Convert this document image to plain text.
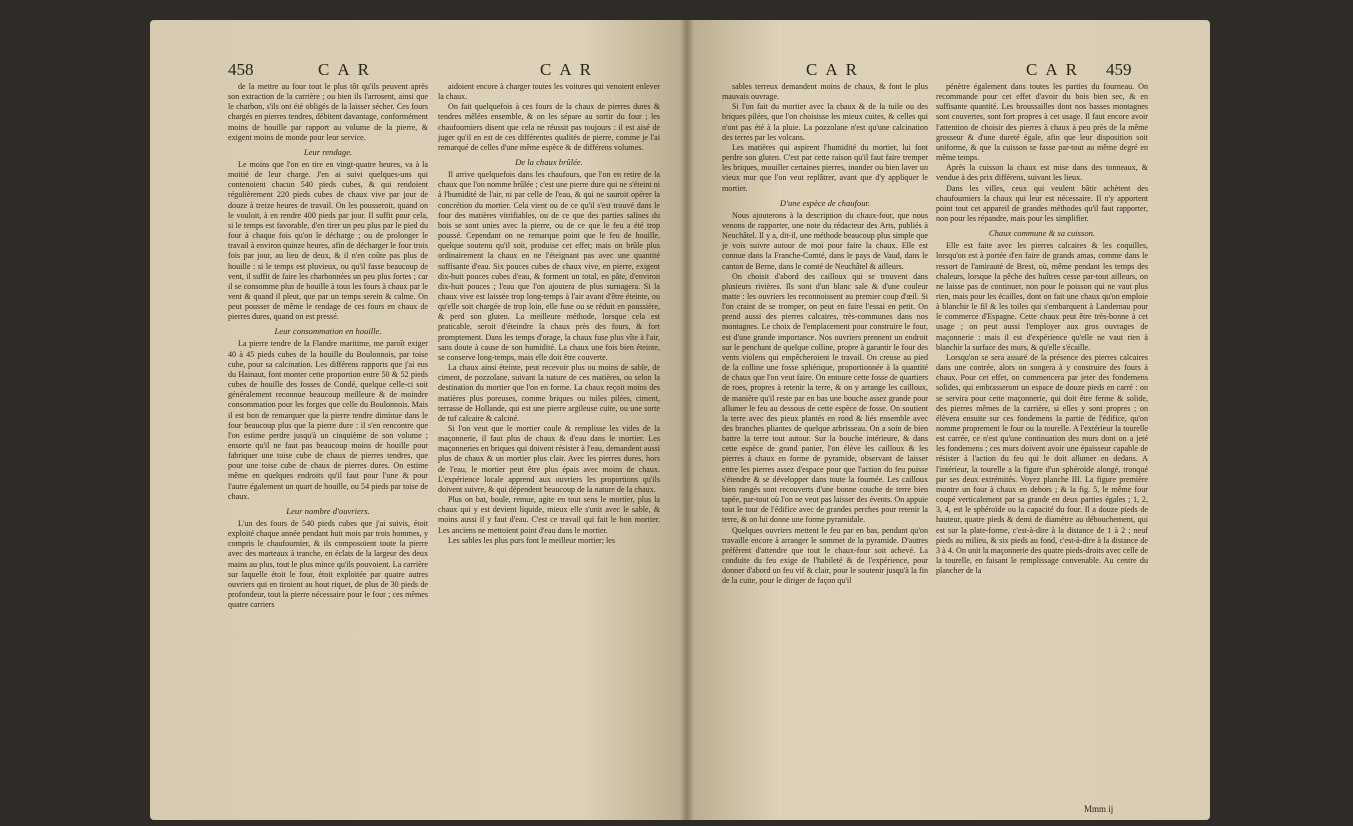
458	CAR	CAR

de la mettre au four tout le plus tôt qu'ils peuvent après son extraction de la carrière ; ou bien ils l'arrosent, ainsi que le charbon, s'ils ont été obligés de la laisser sécher. Ces fours chargés en pierres tendres, débitent davantage, conformément moins de houille par rapport au volume de la pierre, & exigent moins de monde pour leur service.

Leur rendage.

Le moins que l'on en tire en vingt-quatre heures, va à la moitié de leur charge. J'en ai suivi quelques-uns qui contenoient chacun 540 pieds cubes, & qui rendoient régulièrement 220 pieds cubes de chaux vive par jour de douze à treize heures de travail. On les pousseroit, quand on le vouloit, à en rendre 400 pieds par jour. Il suffit pour cela, si le temps est favorable, d'en tirer un peu plus par le pied du four à chaque fois qu'on le décharge ; ou de prolonger le travail à environ quinze heures, afin de décharger le four trois fois par jour, au lieu de deux, & il n'en coûte pas plus de houille : si le temps est pluvieux, ou qu'il fasse beaucoup de vent, il suffit de faire les charbonnées un peu plus fortes ; car il se consomme plus de houille à tous les fours à chaux par le vent & quand il pleut, que par un temps serein & calme. On peut pousser de même le rendage de ces fours en chaux de pierres dures, quand on est pressé.

Leur consommation en houille.

La pierre tendre de la Flandre maritime, me paroît exiger 40 à 45 pieds cubes de la houille du Boulonnois, par toise cube, pour sa calcination. Les différens rapports que j'ai eus du Hainaut, font monter cette proportion entre 50 & 52 pieds cubes de houille des fosses de Condé, quelque celle-ci soit généralement reconnue beaucoup meilleure & de moindre consommation pour les forges que celle du Boulonnois. Mais il est bon de remarquer que la pierre tendre diminue dans le four beaucoup plus que la pierre dure : il s'en rencontre que l'on estime perdre jusqu'à un cinquième de son volume ; ensorte qu'il ne faut pas beaucoup moins de houille pour fabriquer une toise cube de chaux de pierres tendres, que pour une toise cube de chaux de pierres dures. On estime même en quelques endroits qu'il faut pour l'une & pour l'autre également un quart de houille, ou 54 pieds par toise de chaux.

Leur nombre d'ouvriers.

L'un des fours de 540 pieds cubes que j'ai suivis, étoit exploité chaque année pendant huit mois par trois hommes, y compris le chaufournier, & ils composoient toute la pierre avec des marteaux à tranche, en éclats de la largeur des deux mains au plus, tout le plus mince qu'ils pouvoient. La carrière sur laquelle étoit le four, étoit exploitée par quatre autres ouvriers qui en tiroient au hout riquet, de plus de 30 pieds de profondeur, tout la pierre nécessaire pour le four ; ces mêmes quatre carriers

aidoient encore à charger toutes les voitures qui venoient enlever la chaux.

On fait quelquefois à ces fours de la chaux de pierres dures & tendres mêlées ensemble, & on les sépare au sortir du four ; les chaufourniers disent que cela ne réussit pas toujours : il est aisé de juger qu'il en est de ces différentes qualités de pierre, comme je l'ai remarqué de celles d'une même espèce & de différens volumes.

De la chaux brûlée.

Il arrive quelquefois dans les chaufours, que l'on en retire de la chaux que l'on nomme brûlée ; c'est une pierre dure qui ne s'éteint ni à l'humidité de l'air, ni par celle de l'eau, & qui ne sauroit opérer la concrétion du mortier. Cela vient ou de ce qu'il s'est trouvé dans le four des matières vitrifiables, ou de ce que des parties salines du bois se sont unies avec la pierre, ou de ce que le feu a été trop poussé. Cependant on ne remarque point que le feu de houille, quelque soutenu qu'il soit, produise cet effet; mais on brûle plus ordinairement la chaux en ne l'éteignant pas avec une quantité suffisante d'eau. Six pouces cubes de chaux vive, en pierre, exigent dix-huit pouces cubes d'eau, & forment un total, en pâte, d'environ dix-huit pouces ; l'eau que l'on ajoutera de plus surnagera. Si la chaux vive est laissée trop long-temps à l'air avant d'être éteinte, ou qu'elle soit chargée de trop loin, elle fuse ou se réduit en poussière, & perd son gluten. La meilleure méthode, lorsque cela est praticable, seroit d'éteindre la chaux près des fours, & fort promptement. Dans les temps d'orage, la chaux fuse plus vîte à l'air, sans doute à cause de son humidité. La chaux une fois bien éteinte, se conserve long-temps, mais elle doit être couverte.

La chaux ainsi éteinte, peut recevoir plus ou moins de sable, de ciment, de pozzolane, suivant la nature de ces matières, ou selon la destination du mortier que l'on en forme. La chaux reçoit moins des matières plus poreuses, comme briques ou tuiles pilées, ciment, terrasse de Hollande, qui est une pierre argileuse cuite, ou une sorte de tuf calcaire & calciné.

Si l'on veut que le mortier coule & remplisse les vides de la maçonnerie, il faut plus de chaux & d'eau dans le mortier. Les maçonneries en briques qui doivent résister à l'eau, demandent aussi plus de chaux & un mortier plus clair. Avec les pierres dures, hors de l'eau, le mortier peut être plus épais avec moins de chaux. L'expérience locale apprend aux ouvriers les proportions qu'ils doivent suivre, & qui dépendent beaucoup de la nature de la chaux.

Plus on bat, boule, remue, agite en tout sens le mortier, plus la chaux qui y est devient liquide, mieux elle s'unit avec le sable, & moins aussi il y faut d'eau. C'est ce travail qui fait le bon mortier. Les anciens ne mettoient point d'eau dans le mortier.

Les sables les plus purs font le meilleur mortier; les

CAR	CAR 459

sables terreux demandent moins de chaux, & font le plus mauvais ouvrage.

Si l'on fait du mortier avec la chaux & de la tuile ou des briques pilées, que l'on choisisse les mieux cuites, & celles qui n'ont pas été à la pluie. La pozzolane n'est qu'une calcination des terres par les volcans.

Les matières qui aspirent l'humidité du mortier, lui font perdre son gluten. C'est par cette raison qu'il faut faire tremper les briques, mouiller certaines pierres, inonder ou bien laver un vieux mur que l'on veut replâtrer, avant que d'y appliquer le mortier.

D'une espèce de chaufour.

Nous ajouterons à la description du chaux-four, que nous venons de rapporter, une note du rédacteur des Arts, publiés à Neuchâtel. Il y a, dit-il, une méthode beaucoup plus simple que je vois suivre autour de moi pour faire la chaux. Elle est connue dans la Franche-Comté, dans le pays de Vaud, dans le canton de Berne, dans le comté de Neuchâtel & ailleurs.

On choisit d'abord des cailloux qui se trouvent dans plusieurs rivières. Ils sont d'un blanc sale & d'une couleur matte : les ouvriers les reconnoissent au premier coup d'œil. Si l'on craint de se tromper, on peut en faire l'essai en petit. On prend aussi des pierres calcaires, très-communes dans nos montagnes. Le choix de l'emplacement pour construire le four, est d'une grande importance. Nos ouvriers prennent un endroit sur le penchant de quelque colline, propre à garantir le four des vents violens qui empêcheroient le travail. On creuse au pied de la colline une fosse sphérique, proportionnée à la quantité de chaux que l'on veut faire. On entoure cette fosse de quartiers de roes, propres à retenir la terre, & on y arrange les cailloux, de manière qu'il reste par en bas une bouche assez grande pour allumer le feu au dessous de cette espèce de fosse. On soutient la terre avec des pieux plantés en rond & liés ensemble avec des branches pliantes de quelque arbrisseau. On a soin de bien battre la terre tout autour. Sur la bouche intérieure, & dans cette espèce de grand panier, l'on élève les cailloux & les pierres à chaux en forme de pyramide, observant de laisser entre les pierres assez d'espace pour que l'action du feu puisse s'étendre & se développer dans toute la fournée. Les cailloux bien rangés sont recouverts d'une bonne couche de terre bien tapée, par-tout où l'on ne veut pas laisser des évents. On appuie tout le tour de l'édifice avec de grandes perches pour retenir la terre, & on lui donne une forme pyramidale.

Quelques ouvriers mettent le feu par en bas, pendant qu'on travaille encore à arranger le sommet de la pyramide. D'autres préfèrent d'attendre que tout le chaux-four soit achevé. La conduite du feu exige de l'habileté & de l'expérience, pour donner d'abord un feu vif & clair, pour le soutenir jusqu'à la fin de la cuite, pour le diriger de façon qu'il

pénètre également dans toutes les parties du fourneau. On recommande pour cet effet d'avoir du bois bien sec, & en suffisante quantité. Les broussailles dont nos basses montagnes sont couvertes, sont fort propres à cet usage. Il faut encore avoir l'attention de choisir des pierres à chaux à peu près de la même grosseur & d'une dureté égale, afin que leur disposition soit uniforme, & que la cuisson se fasse par-tout au même degré en même temps.

Après la cuisson la chaux est mise dans des tonneaux, & vendue à des prix différens, suivant les lieux.

Dans les villes, ceux qui veulent bâtir achètent des chaufourniers la chaux qui leur est nécessaire. Il n'y apportent point tout cet appareil de grandes méthodes qu'il faut rapporter, non pour les répandre, mais pour les simplifier.

Chaux commune & sa cuisson.

Elle est faite avec les pierres calcaires & les coquilles, lorsqu'on est à portée d'en faire de grands amas, comme dans le ressort de l'amirauté de Brest, où, même pendant les temps des chaleurs, lorsque la pêche des huîtres cesse par-tout ailleurs, on ne laisse pas de continuer, non pour le poisson qui ne vaut plus rien, mais pour les écailles, dont on fait une chaux qu'on emploie à blanchir le fil & les toiles qui s'embarquent à Landernau pour le commerce d'Espagne. Cette chaux peut être très-bonne à cet usage ; on peut aussi l'employer aux gros ouvrages de maçonnerie : mais il est d'expérience qu'elle ne vaut rien à blanchir la surface des murs, & qu'elle s'écaille.

Lorsqu'on se sera assuré de la présence des pierres calcaires dans une contrée, alors on songera à y construire des fours à chaux. Pour cet effet, on commencera par jeter des fondemens solides, qui embrasseront un espace de douze pieds en carré : on se servira pour cette maçonnerie, qui doit être ferme & solide, des pierres mêmes de la carrière, si elles y sont propres ; on élèvera ensuite sur ces fondemens la partie de l'édifice, qu'on nomme proprement le four ou la tourelle. A l'extérieur la tourelle est carrée, ce n'est qu'une continuation des murs dont on a jeté les fondemens ; ces murs doivent avoir une épaisseur capable de résister à l'action du feu qui le doit allumer en dedans. A l'intérieur, la tourelle a la figure d'un sphéroïde alongé, tronqué par ses deux extrémités. Voyez planche III. La figure première montre un four à chaux en dehors ; & la fig. 5, le même four coupé verticalement par sa grande en deux parties égales ; 1, 2, 3, 4, est le sphéroïde ou la capacité du four. Il a douze pieds de hauteur, quatre pieds & demi de diamètre au débouchement, qui est sur la plate-forme, c'est-à-dire à la distance de 1 à 2 ; neuf pieds au milieu, & six pieds au fond, c'est-à-dire à la distance de 3 à 4. On unit la maçonnerie des quatre pieds-droits avec celle de la tourelle, en faisant le remplissage convenable. Au centre du plancher de la

Mmm ij
